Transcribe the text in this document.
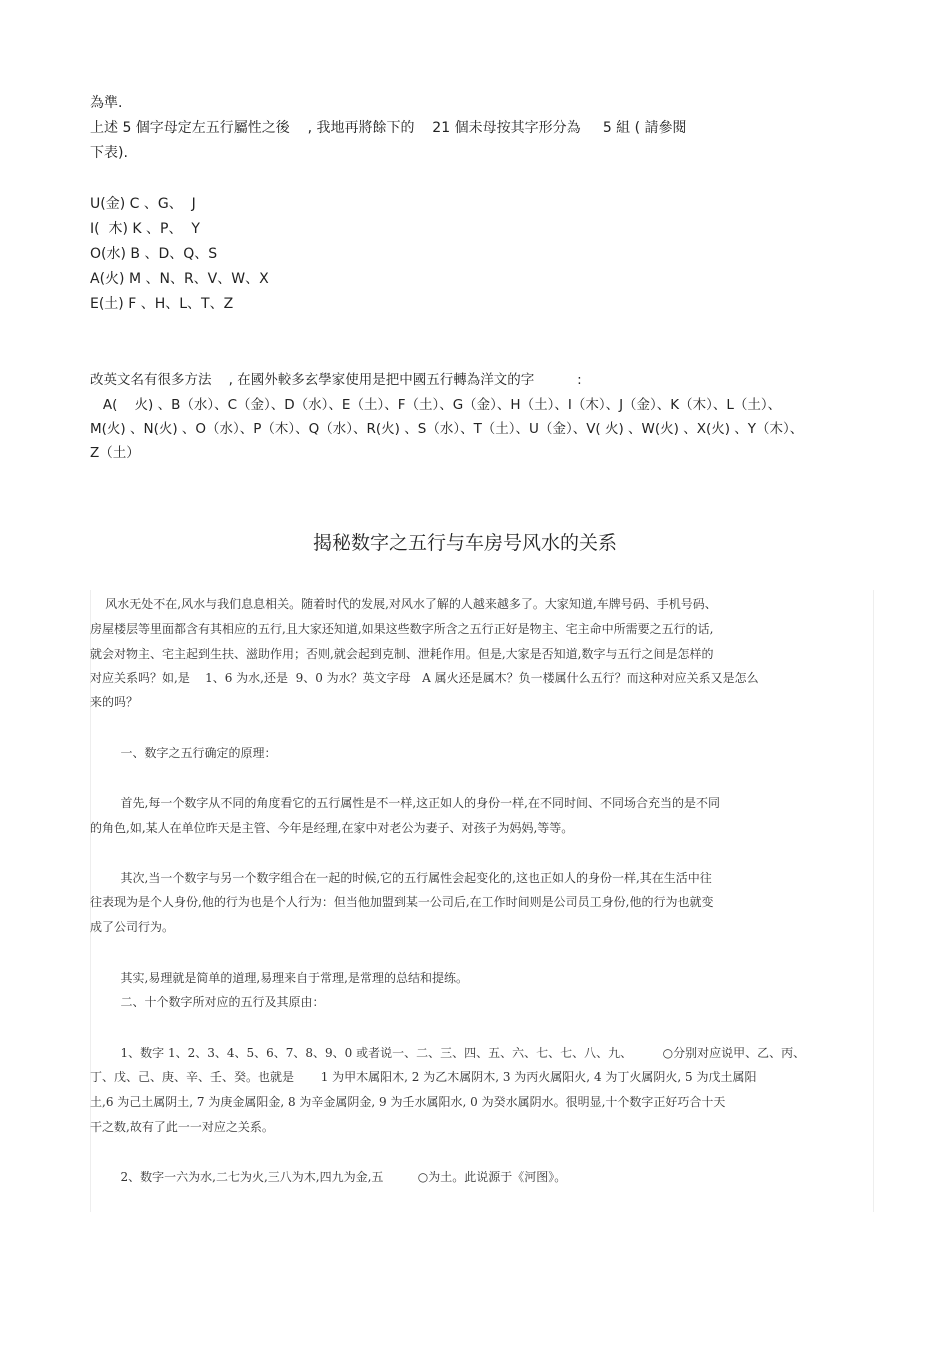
為準.
上述 5 個字母定左五行屬性之後    , 我地再將餘下的    21 個未母按其字形分為     5 組 ( 請參閱
下表).
U(金) C 、G、  J
I(  木) K 、P、  Y
O(水) B 、D、Q、S
A(火) M 、N、R、V、W、X
E(土) F 、H、L、T、Z
改英文名有很多方法    , 在國外較多玄學家使用是把中國五行轉為洋文的字          :
A(    火) 、B（水）、C（金）、D（水）、E（土）、F（土）、G（金）、H（土）、I（木）、J（金）、K（木）、L（土）、
M(火) 、N(火) 、O（水）、P（木）、Q（水）、R(火) 、S（水）、T（土）、U（金）、V( 火) 、W(火) 、X(火) 、Y（木）、
Z（土）
揭秘数字之五行与车房号风水的关系
风水无处不在,风水与我们息息相关。随着时代的发展,对风水了解的人越来越多了。大家知道,车牌号码、手机号码、
房屋楼层等里面都含有其相应的五行,且大家还知道,如果这些数字所含之五行正好是物主、宅主命中所需要之五行的话,
就会对物主、宅主起到生扶、滋助作用；否则,就会起到克制、泄耗作用。但是,大家是否知道,数字与五行之间是怎样的
对应关系吗？如,是    1、6 为水,还是  9、0 为水？英文字母   A 属火还是属木？负一楼属什么五行？而这种对应关系又是怎么
来的吗？
一、数字之五行确定的原理：
首先,每一个数字从不同的角度看它的五行属性是不一样,这正如人的身份一样,在不同时间、不同场合充当的是不同
的角色,如,某人在单位昨天是主管、今年是经理,在家中对老公为妻子、对孩子为妈妈,等等。
其次,当一个数字与另一个数字组合在一起的时候,它的五行属性会起变化的,这也正如人的身份一样,其在生活中往
往表现为是个人身份,他的行为也是个人行为：但当他加盟到某一公司后,在工作时间则是公司员工身份,他的行为也就变
成了公司行为。
其实,易理就是简单的道理,易理来自于常理,是常理的总结和提练。
二、十个数字所对应的五行及其原由：
1、数字 1、2、3、4、5、6、7、8、9、0 或者说一、二、三、四、五、六、七、七、八、九、        ○分别对应说甲、乙、丙、
丁、戊、己、庚、辛、壬、癸。也就是       1 为甲木属阳木, 2 为乙木属阴木, 3 为丙火属阳火, 4 为丁火属阴火, 5 为戊土属阳
土,6 为己土属阴土, 7 为庚金属阳金, 8 为辛金属阴金, 9 为壬水属阳水, 0 为癸水属阴水。很明显,十个数字正好巧合十天
干之数,故有了此一一对应之关系。
2、数字一六为水,二七为火,三八为木,四九为金,五         ○为土。此说源于《河图》。
